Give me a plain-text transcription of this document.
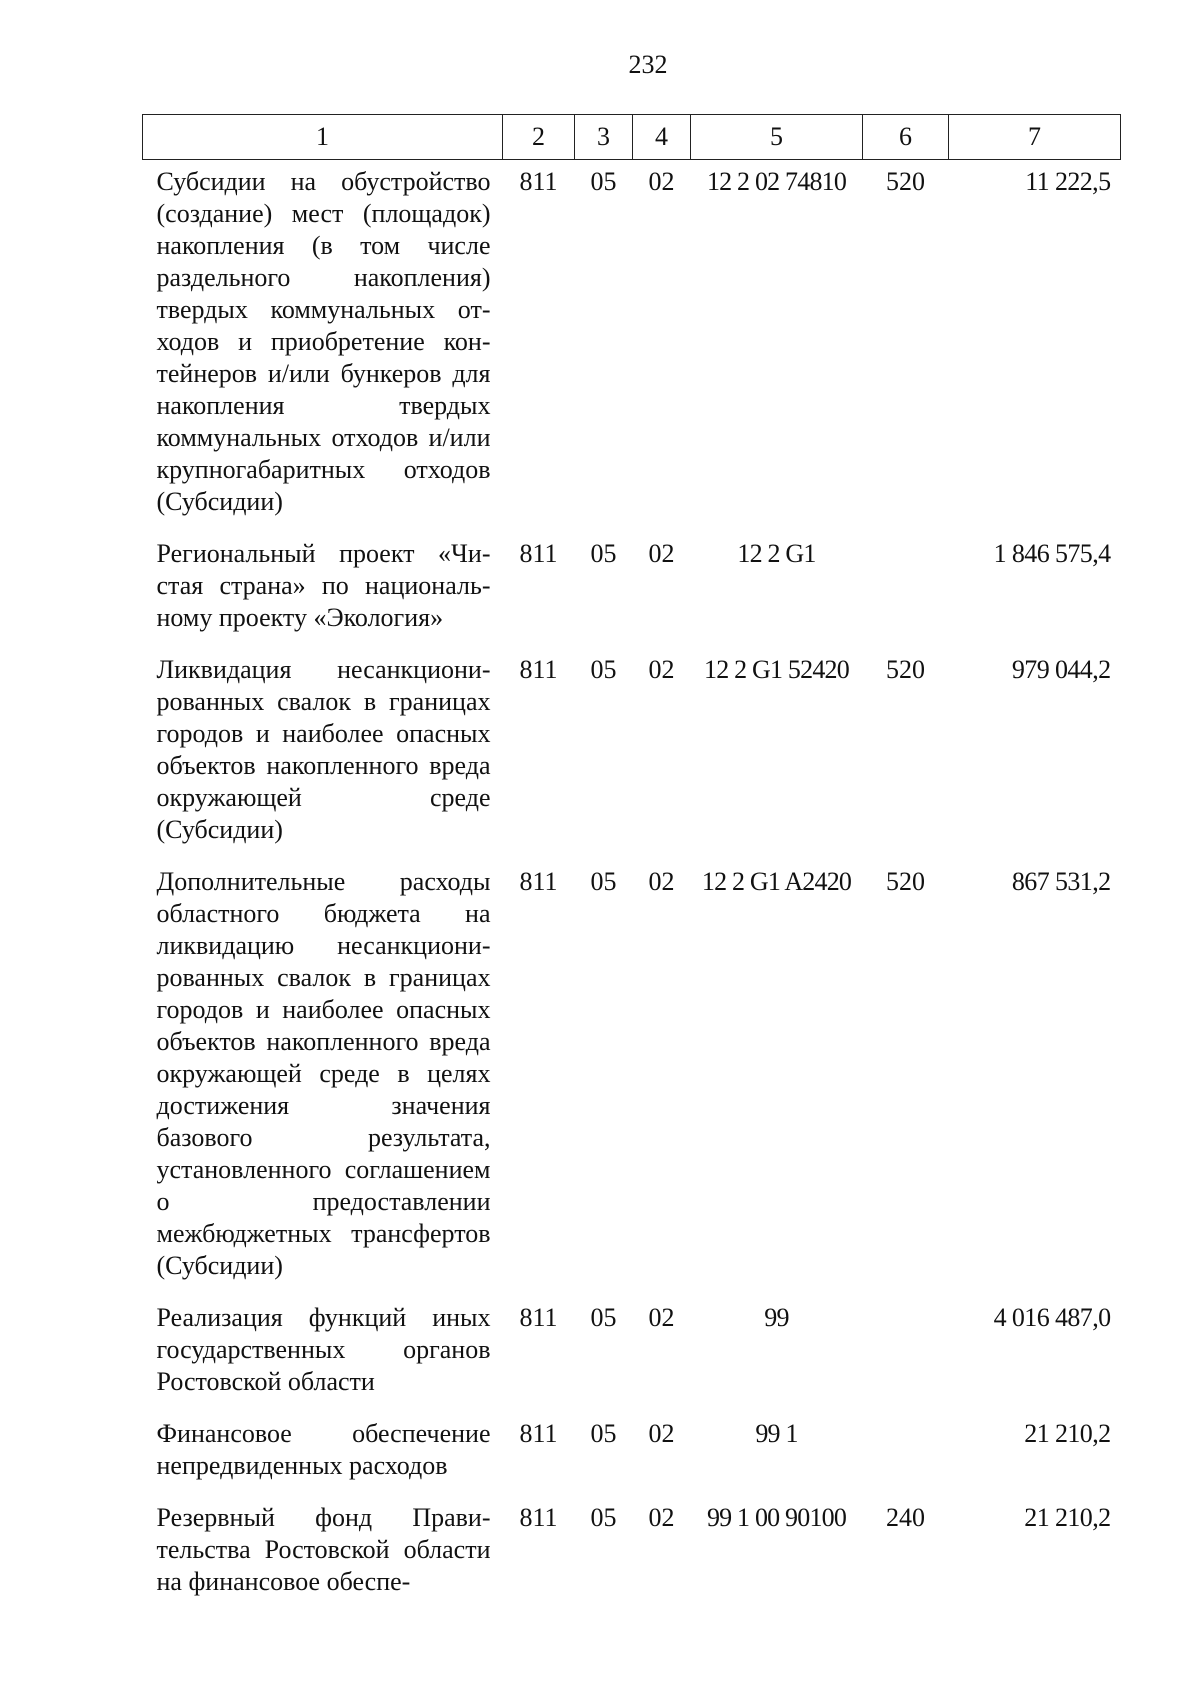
232
1	2	3	4	5	6	7
Субсидии на обустройство (создание) мест (площадок) накопления (в том числе раздельного накопления) твердых коммунальных отходов и приобретение контейнеров и/или бункеров для накопления твердых коммунальных отходов и/или крупногабаритных отходов (Субсидии)	811	05	02	12 2 02 74810	520	11 222,5
Региональный проект «Чистая страна» по национальному проекту «Экология»	811	05	02	12 2 G1		1 846 575,4
Ликвидация несанкционированных свалок в границах городов и наиболее опасных объектов накопленного вреда окружающей среде (Субсидии)	811	05	02	12 2 G1 52420	520	979 044,2
Дополнительные расходы областного бюджета на ликвидацию несанкционированных свалок в границах городов и наиболее опасных объектов накопленного вреда окружающей среде в целях достижения значения базового результата, установленного соглашением о предоставлении межбюджетных трансфертов (Субсидии)	811	05	02	12 2 G1 A2420	520	867 531,2
Реализация функций иных государственных органов Ростовской области	811	05	02	99		4 016 487,0
Финансовое обеспечение непредвиденных расходов	811	05	02	99 1		21 210,2
Резервный фонд Правительства Ростовской области на финансовое обеспе-	811	05	02	99 1 00 90100	240	21 210,2
